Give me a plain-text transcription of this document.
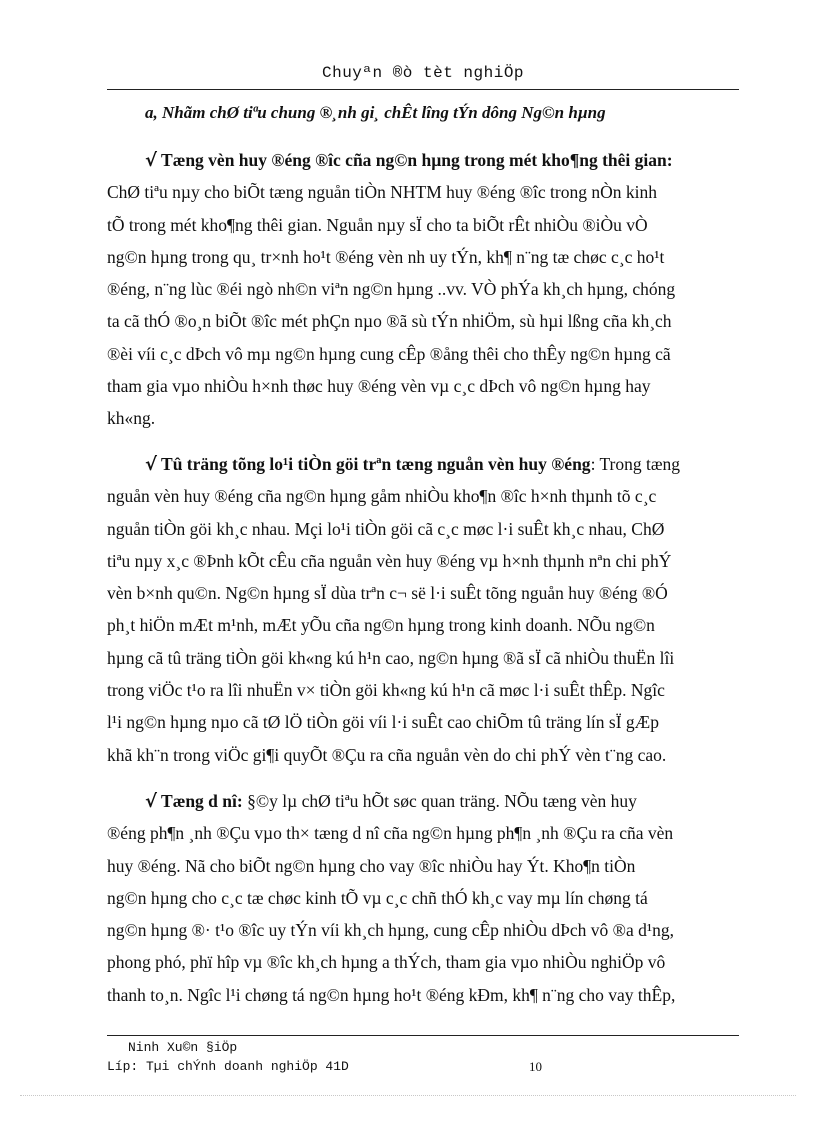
Chuyªn ®ò tèt nghiÖp
a, Nhãm chØ tiªu chung ®¸nh gi¸ chÊt lîng tÝn dông Ng©n hµng
√ Tæng vèn huy ®éng ®îc cña ng©n hµng trong mét kho¶ng thêi gian:
ChØ tiªu nµy cho biÕt tæng nguån tiÒn NHTM huy ®éng ®îc trong nÒn kinh
tÕ trong mét kho¶ng thêi gian. Nguån nµy sÏ cho ta biÕt rÊt nhiÒu ®iÒu vÒ
ng©n hµng trong qu¸ tr×nh ho¹t ®éng vèn nh uy tÝn, kh¶ n¨ng tæ chøc c¸c ho¹t
®éng, n¨ng lùc ®éi ngò nh©n viªn ng©n hµng ..vv. VÒ phÝa kh¸ch hµng, chóng
ta cã thÓ ®o¸n biÕt ®îc mét phÇn nµo ®ã sù tÝn nhiÖm, sù hµi lßng cña kh¸ch
®èi víi c¸c dÞch vô mµ ng©n hµng cung cÊp ®ång thêi cho thÊy ng©n hµng cã
tham gia vµo nhiÒu h×nh thøc huy ®éng vèn vµ c¸c dÞch vô ng©n hµng hay
kh«ng.
√ Tû träng tõng lo¹i tiÒn göi trªn tæng nguån vèn huy ®éng: Trong tæng
nguån vèn huy ®éng cña ng©n hµng gåm nhiÒu kho¶n ®îc h×nh thµnh tõ c¸c
nguån tiÒn göi kh¸c nhau. Mçi lo¹i tiÒn göi cã c¸c møc l·i suÊt kh¸c nhau, ChØ
tiªu nµy x¸c ®Þnh kÕt cÊu cña nguån vèn huy ®éng vµ h×nh thµnh nªn chi phÝ
vèn b×nh qu©n. Ng©n hµng sÏ dùa trªn c¬ së l·i suÊt tõng nguån huy ®éng ®Ó
ph¸t hiÖn mÆt m¹nh, mÆt yÕu cña ng©n hµng trong kinh doanh. NÕu ng©n
hµng cã tû träng tiÒn göi kh«ng kú h¹n cao, ng©n hµng ®ã sÏ cã nhiÒu thuËn lîi
trong viÖc t¹o ra lîi nhuËn v× tiÒn göi kh«ng kú h¹n cã møc l·i suÊt thÊp. Ngîc
l¹i ng©n hµng nµo cã tØ lÖ tiÒn göi víi l·i suÊt cao chiÕm tû träng lín sÏ gÆp
khã kh¨n trong viÖc gi¶i quyÕt ®Çu ra cña nguån vèn do chi phÝ vèn t¨ng cao.
√ Tæng d nî: §©y lµ chØ tiªu hÕt søc quan träng. NÕu tæng vèn huy
®éng ph¶n ¸nh ®Çu vµo th× tæng d nî cña ng©n hµng ph¶n ¸nh ®Çu ra cña vèn
huy ®éng. Nã cho biÕt ng©n hµng cho vay ®îc nhiÒu hay Ýt. Kho¶n tiÒn
ng©n hµng cho c¸c tæ chøc kinh tÕ vµ c¸c chñ thÓ kh¸c vay mµ lín chøng tá
ng©n hµng ®· t¹o ®îc uy tÝn víi kh¸ch hµng, cung cÊp nhiÒu dÞch vô ®a d¹ng,
phong phó, phï hîp vµ ®îc kh¸ch hµng a thÝch, tham gia vµo nhiÒu nghiÖp vô
thanh to¸n. Ngîc l¹i chøng tá ng©n hµng ho¹t ®éng kÐm, kh¶ n¨ng cho vay thÊp,
Ninh Xu©n §iÖp
Líp: Tµi chÝnh doanh nghiÖp 41D	10
